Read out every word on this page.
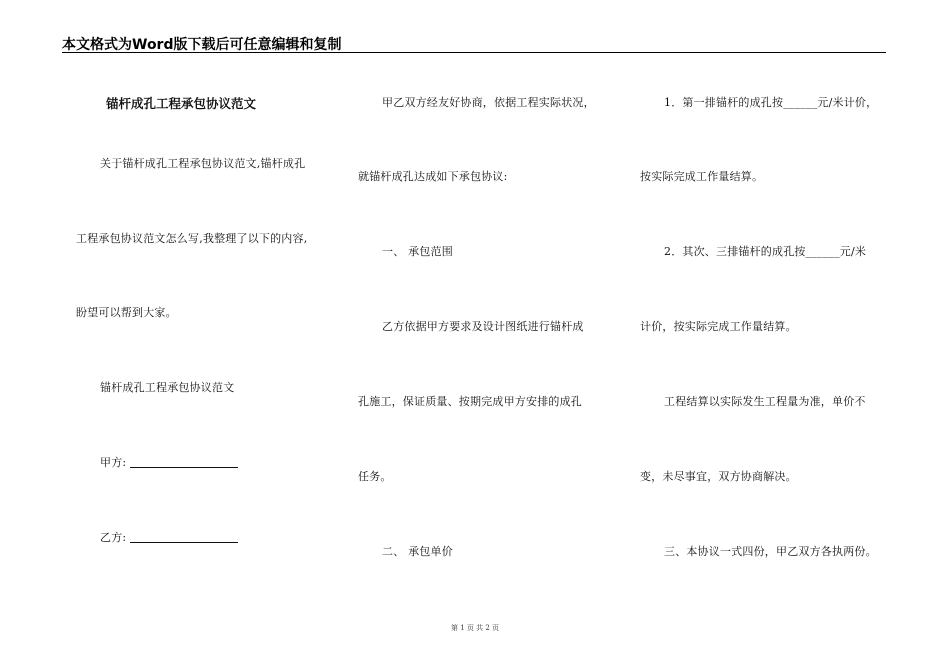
本文格式为Word版下载后可任意编辑和复制
锚杆成孔工程承包协议范文
关于锚杆成孔工程承包协议范文,锚杆成孔
工程承包协议范文怎么写,我整理了以下的内容,
盼望可以帮到大家。
锚杆成孔工程承包协议范文
甲方:
乙方:
甲乙双方经友好协商，依据工程实际状况，
就锚杆成孔达成如下承包协议:
一、 承包范围
乙方依据甲方要求及设计图纸进行锚杆成
孔施工，保证质量、按期完成甲方安排的成孔
任务。
二、 承包单价
1．第一排锚杆的成孔按______元/米计价，
按实际完成工作量结算。
2．其次、三排锚杆的成孔按______元/米
计价，按实际完成工作量结算。
工程结算以实际发生工程量为准，单价不
变，未尽事宜，双方协商解决。
三、本协议一式四份，甲乙双方各执两份。
第 1 页 共 2 页
